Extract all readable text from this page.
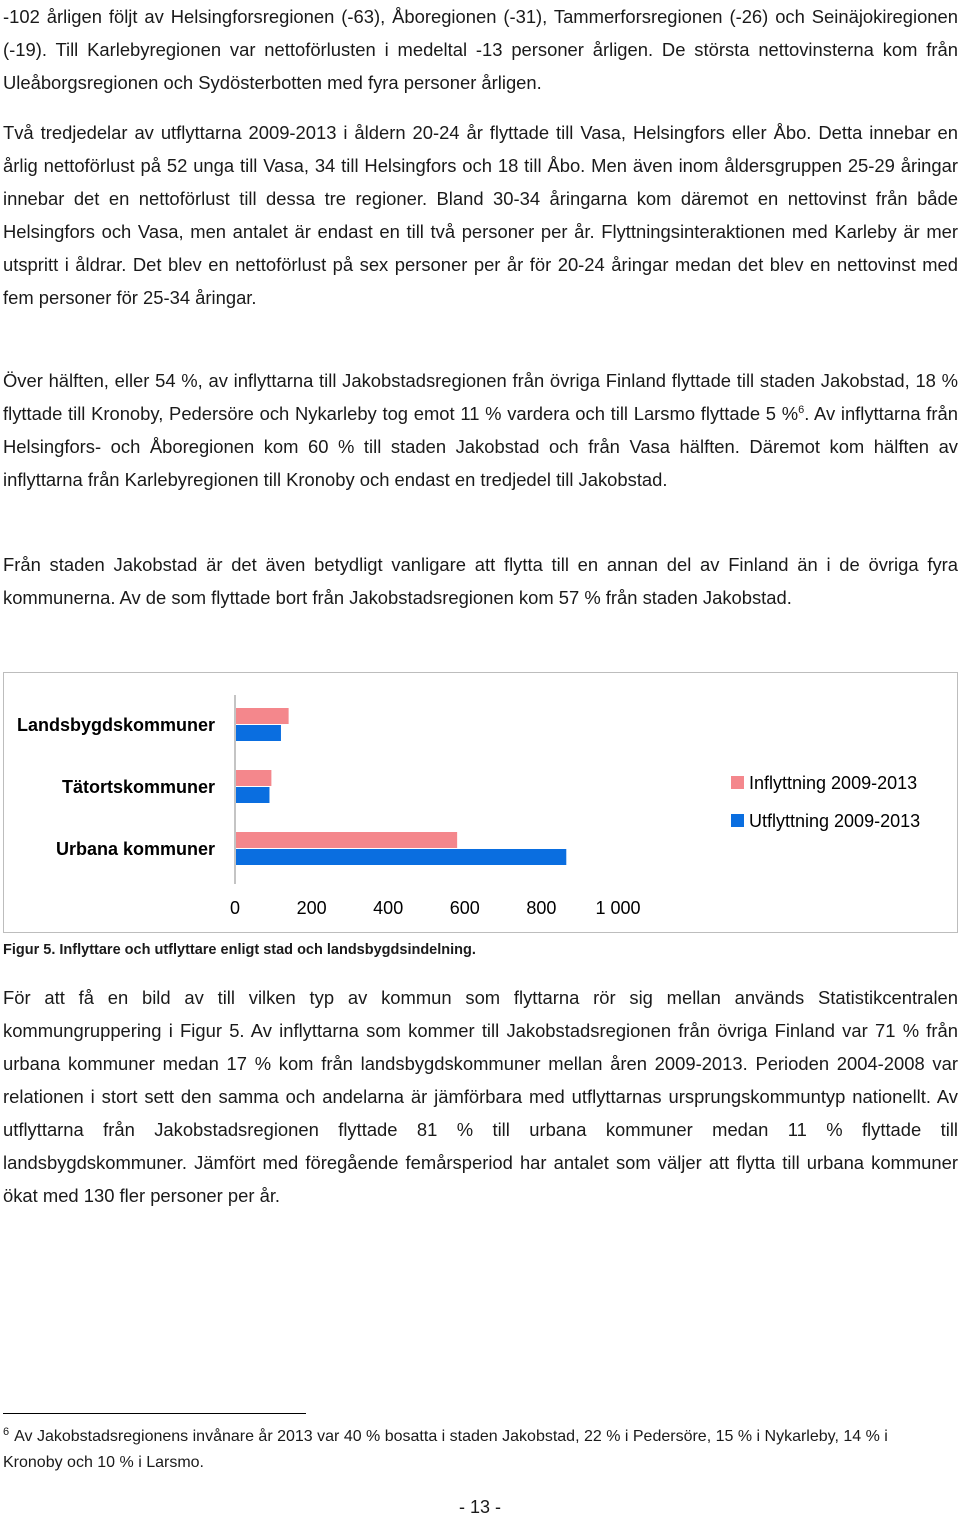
-102 årligen följt av Helsingforsregionen (-63), Åboregionen (-31), Tammerforsregionen (-26) och Seinäjokiregionen (-19). Till Karlebyregionen var nettoförlusten i medeltal -13 personer årligen. De största nettovinsterna kom från Uleåborgsregionen och Sydösterbotten med fyra personer årligen.

Två tredjedelar av utflyttarna 2009-2013 i åldern 20-24 år flyttade till Vasa, Helsingfors eller Åbo. Detta innebar en årlig nettoförlust på 52 unga till Vasa, 34 till Helsingfors och 18 till Åbo. Men även inom åldersgruppen 25-29 åringar innebar det en nettoförlust till dessa tre regioner. Bland 30-34 åringarna kom däremot en nettovinst från både Helsingfors och Vasa, men antalet är endast en till två personer per år. Flyttningsinteraktionen med Karleby är mer utspritt i åldrar. Det blev en nettoförlust på sex personer per år för 20-24 åringar medan det blev en nettovinst med fem personer för 25-34 åringar.

Över hälften, eller 54 %, av inflyttarna till Jakobstadsregionen från övriga Finland flyttade till staden Jakobstad, 18 % flyttade till Kronoby, Pedersöre och Nykarleby tog emot 11 % vardera och till Larsmo flyttade 5 %$^6$. Av inflyttarna från Helsingfors- och Åboregionen kom 60 % till staden Jakobstad och från Vasa hälften. Däremot kom hälften av inflyttarna från Karlebyregionen till Kronoby och endast en tredjedel till Jakobstad.

Från staden Jakobstad är det även betydligt vanligare att flytta till en annan del av Finland än i de övriga fyra kommunerna. Av de som flyttade bort från Jakobstadsregionen kom 57 % från staden Jakobstad.

Landsbygdskommuner
Tätortskommuner
Urbana kommuner
0	200	400	600	800 1 000
Inflyttning 2009-2013
Utflyttning 2009-2013
Figur 5. Inflyttare och utflyttare enligt stad och landsbygdsindelning.

För att få en bild av till vilken typ av kommun som flyttarna rör sig mellan används Statistikcentralen kommungruppering i Figur 5. Av inflyttarna som kommer till Jakobstadsregionen från övriga Finland var 71 % från urbana kommuner medan 17 % kom från landsbygdskommuner mellan åren 2009-2013. Perioden 2004-2008 var relationen i stort sett den samma och andelarna är jämförbara med utflyttarnas ursprungskommuntyp nationellt. Av utflyttarna från Jakobstadsregionen flyttade 81 % till urbana kommuner medan 11 % flyttade till landsbygdskommuner. Jämfört med föregående femårsperiod har antalet som väljer att flytta till urbana kommuner ökat med 130 fler personer per år.

$^6$ Av Jakobstadsregionens invånare år 2013 var 40 % bosatta i staden Jakobstad, 22 % i Pedersöre, 15 % i Nykarleby, 14 % i Kronoby och 10 % i Larsmo.
- 13 -
